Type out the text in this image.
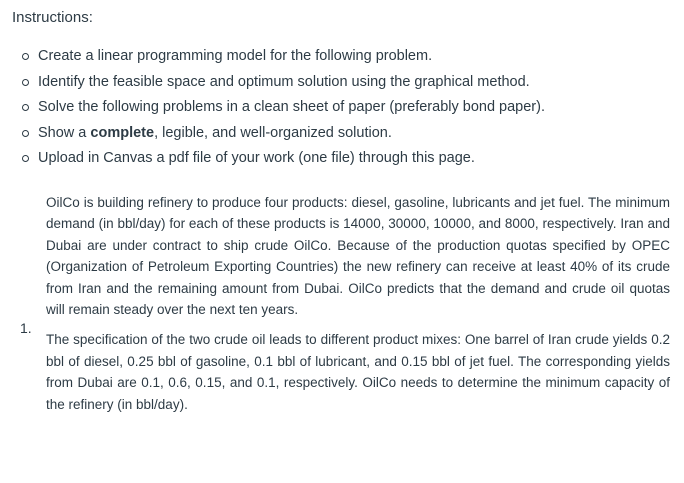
Instructions:
Create a linear programming model for the following problem.
Identify the feasible space and optimum solution using the graphical method.
Solve the following problems in a clean sheet of paper (preferably bond paper).
Show a complete, legible, and well-organized solution.
Upload in Canvas a pdf file of your work (one file) through this page.
1.

OilCo is building refinery to produce four products: diesel, gasoline, lubricants and jet fuel. The minimum demand (in bbl/day) for each of these products is 14000, 30000, 10000, and 8000, respectively. Iran and Dubai are under contract to ship crude OilCo. Because of the production quotas specified by OPEC (Organization of Petroleum Exporting Countries) the new refinery can receive at least 40% of its crude from Iran and the remaining amount from Dubai. OilCo predicts that the demand and crude oil quotas will remain steady over the next ten years.

The specification of the two crude oil leads to different product mixes: One barrel of Iran crude yields 0.2 bbl of diesel, 0.25 bbl of gasoline, 0.1 bbl of lubricant, and 0.15 bbl of jet fuel. The corresponding yields from Dubai are 0.1, 0.6, 0.15, and 0.1, respectively. OilCo needs to determine the minimum capacity of the refinery (in bbl/day).
